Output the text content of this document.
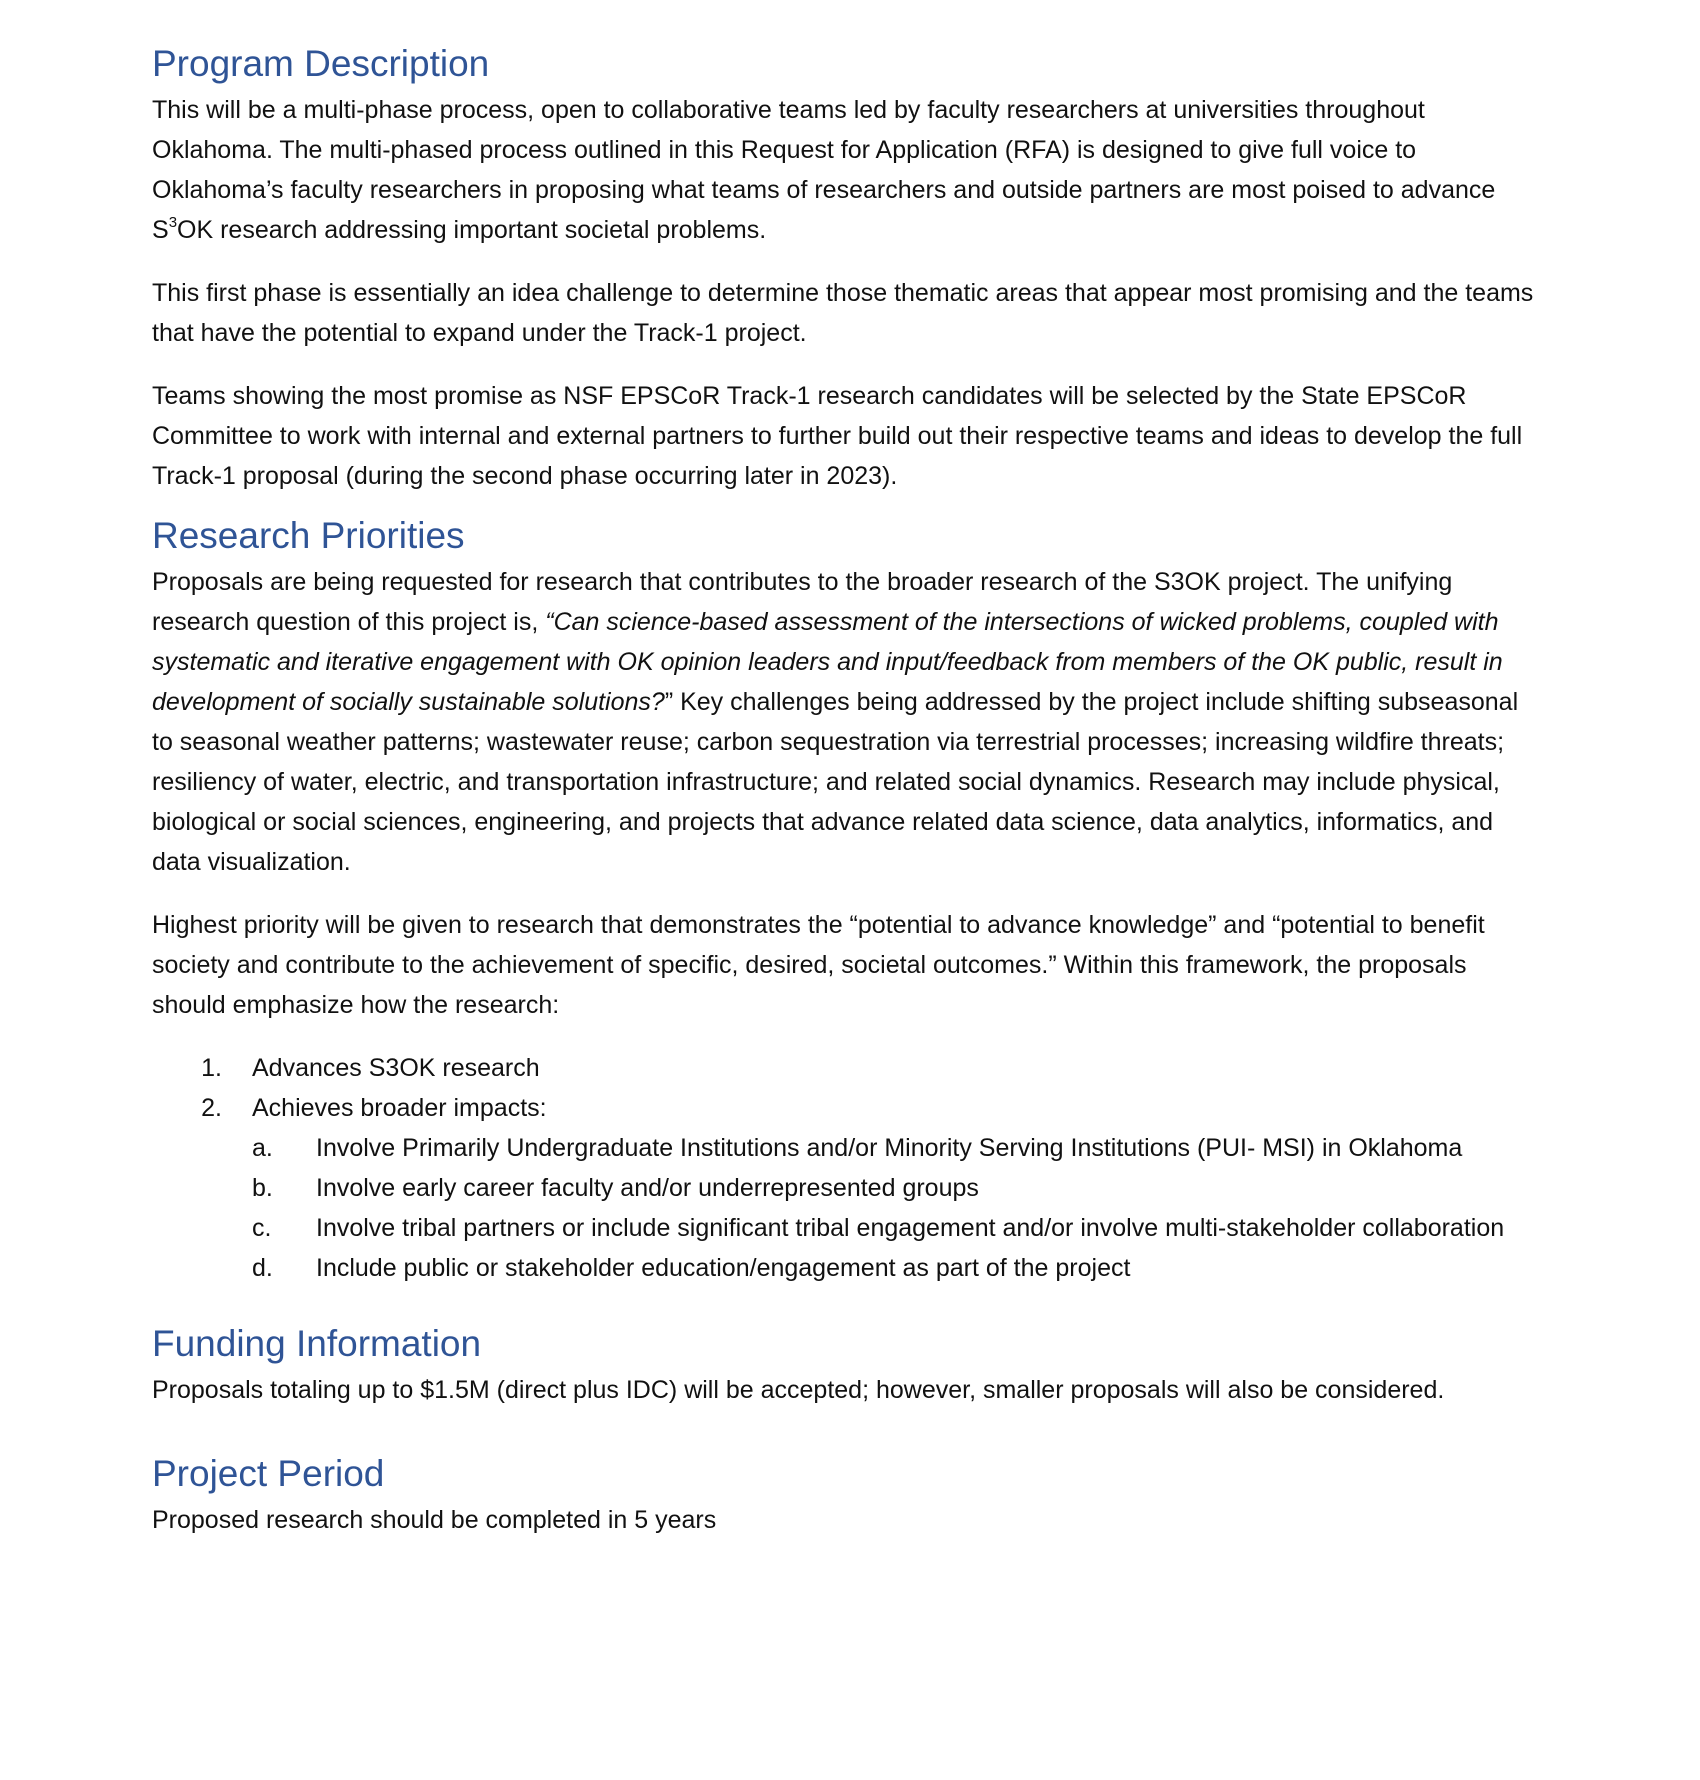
Program Description

This will be a multi-phase process, open to collaborative teams led by faculty researchers at universities throughout Oklahoma. The multi-phased process outlined in this Request for Application (RFA) is designed to give full voice to Oklahoma’s faculty researchers in proposing what teams of researchers and outside partners are most poised to advance $S^3OK$ research addressing important societal problems.

This first phase is essentially an idea challenge to determine those thematic areas that appear most promising and the teams that have the potential to expand under the Track-1 project.

Teams showing the most promise as NSF EPSCoR Track-1 research candidates will be selected by the State EPSCoR Committee to work with internal and external partners to further build out their respective teams and ideas to develop the full Track-1 proposal (during the second phase occurring later in 2023).

Research Priorities

Proposals are being requested for research that contributes to the broader research of the S3OK project. The unifying research question of this project is, “Can science-based assessment of the intersections of wicked problems, coupled with systematic and iterative engagement with OK opinion leaders and input/feedback from members of the OK public, result in development of socially sustainable solutions?” Key challenges being addressed by the project include shifting subseasonal to seasonal weather patterns; wastewater reuse; carbon sequestration via terrestrial processes; increasing wildfire threats; resiliency of water, electric, and transportation infrastructure; and related social dynamics. Research may include physical, biological or social sciences, engineering, and projects that advance related data science, data analytics, informatics, and data visualization.

Highest priority will be given to research that demonstrates the “potential to advance knowledge” and “potential to benefit society and contribute to the achievement of specific, desired, societal outcomes.” Within this framework, the proposals should emphasize how the research:

1. Advances S3OK research
2. Achieves broader impacts:
a.	Involve Primarily Undergraduate Institutions and/or Minority Serving Institutions (PUI- MSI) in Oklahoma
b.	Involve early career faculty and/or underrepresented groups
c.	Involve tribal partners or include significant tribal engagement and/or involve multi-stakeholder collaboration
d.	Include public or stakeholder education/engagement as part of the project
Funding Information

Proposals totaling up to $1.5M (direct plus IDC) will be accepted; however, smaller proposals will also be considered.

Project Period

Proposed research should be completed in 5 years
